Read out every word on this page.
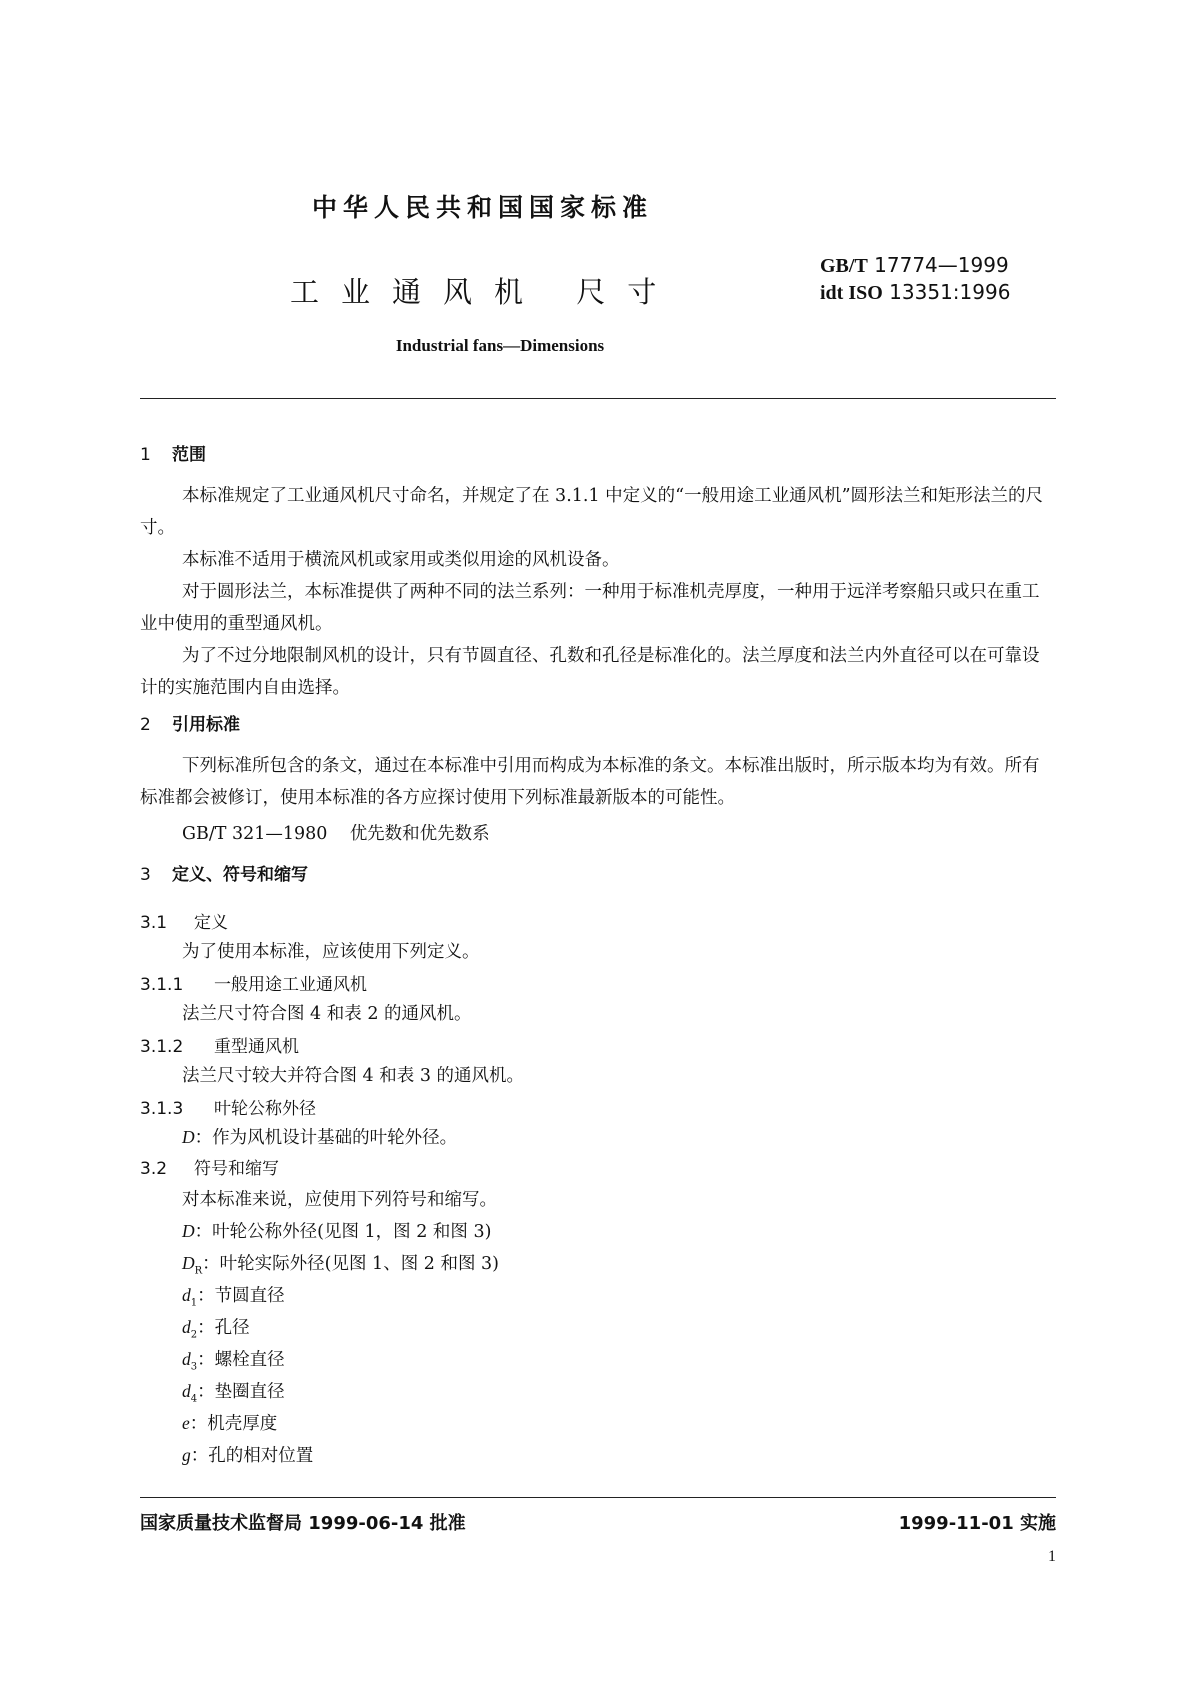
中华人民共和国国家标准
工业通风机 尺寸
GB/T 17774—1999
idt ISO 13351:1996
Industrial fans—Dimensions
1 范围
本标准规定了工业通风机尺寸命名，并规定了在 3.1.1 中定义的“一般用途工业通风机”圆形法兰和矩形法兰的尺寸。
本标准不适用于横流风机或家用或类似用途的风机设备。
对于圆形法兰，本标准提供了两种不同的法兰系列：一种用于标准机壳厚度，一种用于远洋考察船只或只在重工业中使用的重型通风机。
为了不过分地限制风机的设计，只有节圆直径、孔数和孔径是标准化的。法兰厚度和法兰内外直径可以在可靠设计的实施范围内自由选择。
2 引用标准
下列标准所包含的条文，通过在本标准中引用而构成为本标准的条文。本标准出版时，所示版本均为有效。所有标准都会被修订，使用本标准的各方应探讨使用下列标准最新版本的可能性。
GB/T 321—1980 优先数和优先数系
3 定义、符号和缩写
3.1 定义
为了使用本标准，应该使用下列定义。
3.1.1 一般用途工业通风机
法兰尺寸符合图 4 和表 2 的通风机。
3.1.2 重型通风机
法兰尺寸较大并符合图 4 和表 3 的通风机。
3.1.3 叶轮公称外径
D：作为风机设计基础的叶轮外径。
3.2 符号和缩写
对本标准来说，应使用下列符号和缩写。
D：叶轮公称外径(见图 1，图 2 和图 3)
$D_R$：叶轮实际外径(见图 1、图 2 和图 3)
$d_1$：节圆直径
$d_2$：孔径
$d_3$：螺栓直径
$d_4$：垫圈直径
e：机壳厚度
g：孔的相对位置
国家质量技术监督局 1999-06-14 批准	1999-11-01 实施
1
